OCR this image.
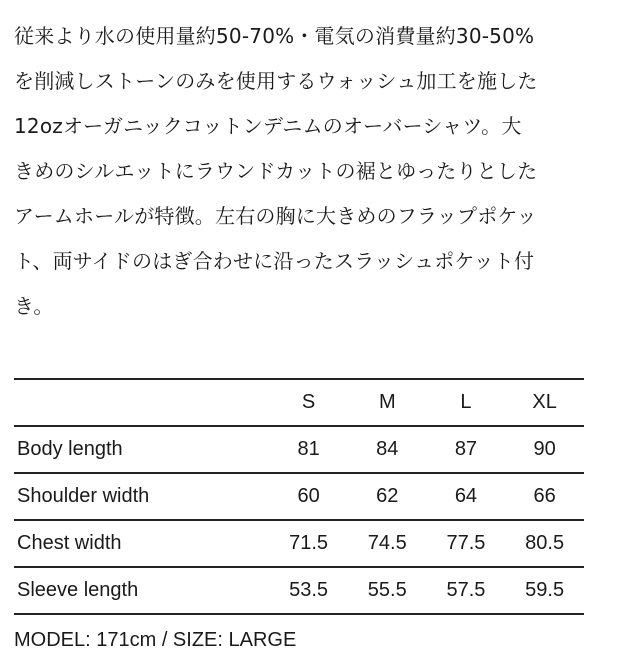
従来より水の使用量約50-70%・電気の消費量約30-50%
を削減しストーンのみを使用するウォッシュ加工を施した
12ozオーガニックコットンデニムのオーバーシャツ。大
きめのシルエットにラウンドカットの裾とゆったりとした
アームホールが特徴。左右の胸に大きめのフラップポケッ
ト、両サイドのはぎ合わせに沿ったスラッシュポケット付
き。
	S	M	L	XL
Body length	81	84	87	90
Shoulder width	60	62	64	66
Chest width	71.5	74.5	77.5	80.5
Sleeve length	53.5	55.5	57.5	59.5
MODEL: 171cm / SIZE: LARGE
